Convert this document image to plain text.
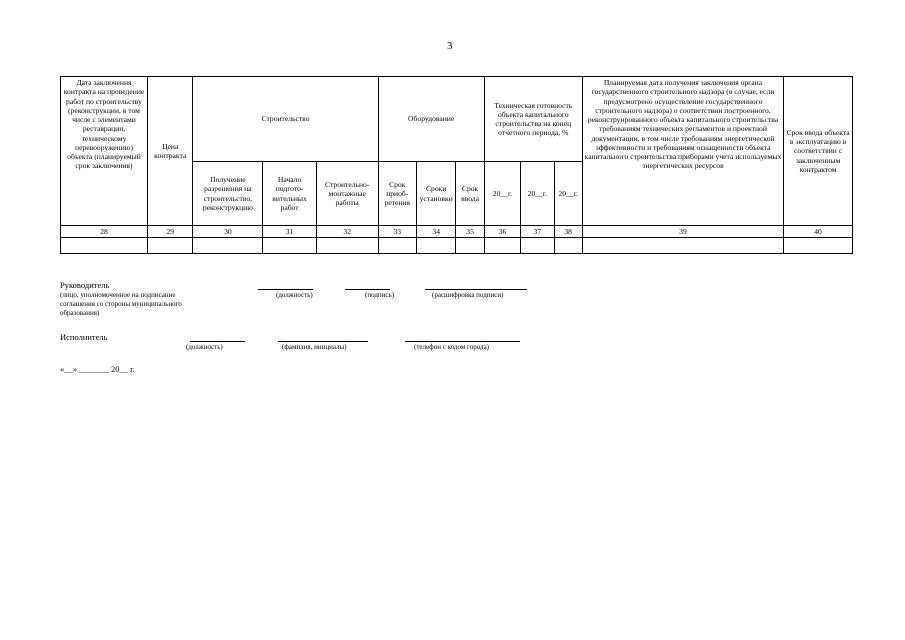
3
Дата заключения контракта на проведение работ по строительству (реконструкции, в том числе с элементами реставрации, техническому перевооружению) объекта (планируемый срок заключения)	Цена контракта	Строительство			Оборудование			Техническая готовность объекта капитального строительства на конец отчетного периода, %			Планируемая дата получения заключения органа государственного строительного надзора (в случае, если предусмотрено осуществление государственного строительного надзора) о соответствии построенного, реконструированного объекта капитального строительства требованиям технических регламентов и проектной документации, в том числе требованиям энергетической эффективности и требованиям оснащенности объекта капитального строительства приборами учета используемых энергетических ресурсов	Срок ввода объекта в эксплуатацию в соответствии с заключенным контрактом
		Получение разрешения на строительство, реконструкцию	Начало подгото-вительных работ	Строительно-монтажные работы	Срок приоб-ретения	Сроки установки	Срок ввода	20__г.	20__г.	20__г.		
28	29	30	31	32	33	34	35	36	37	38	39	40

Руководитель
(лицо, уполномоченное на подписание соглашения со стороны муниципального образования)
(должность)	(подпись)	(расшифровка подписи)
Исполнитель
(должность)	(фамилия, инициалы)	(телефон с кодом города)
«__» _______ 20__ г.
